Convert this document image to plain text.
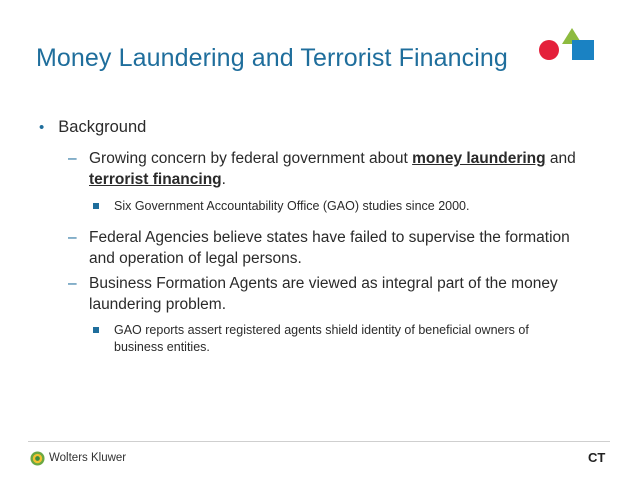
Money Laundering and Terrorist Financing
• Background
– Growing concern by federal government about money laundering and terrorist financing.
Six Government Accountability Office (GAO) studies since 2000.
– Federal Agencies believe states have failed to supervise the formation and operation of legal persons.
– Business Formation Agents are viewed as integral part of the money laundering problem.
GAO reports assert registered agents shield identity of beneficial owners of business entities.
Wolters Kluwer	CT
